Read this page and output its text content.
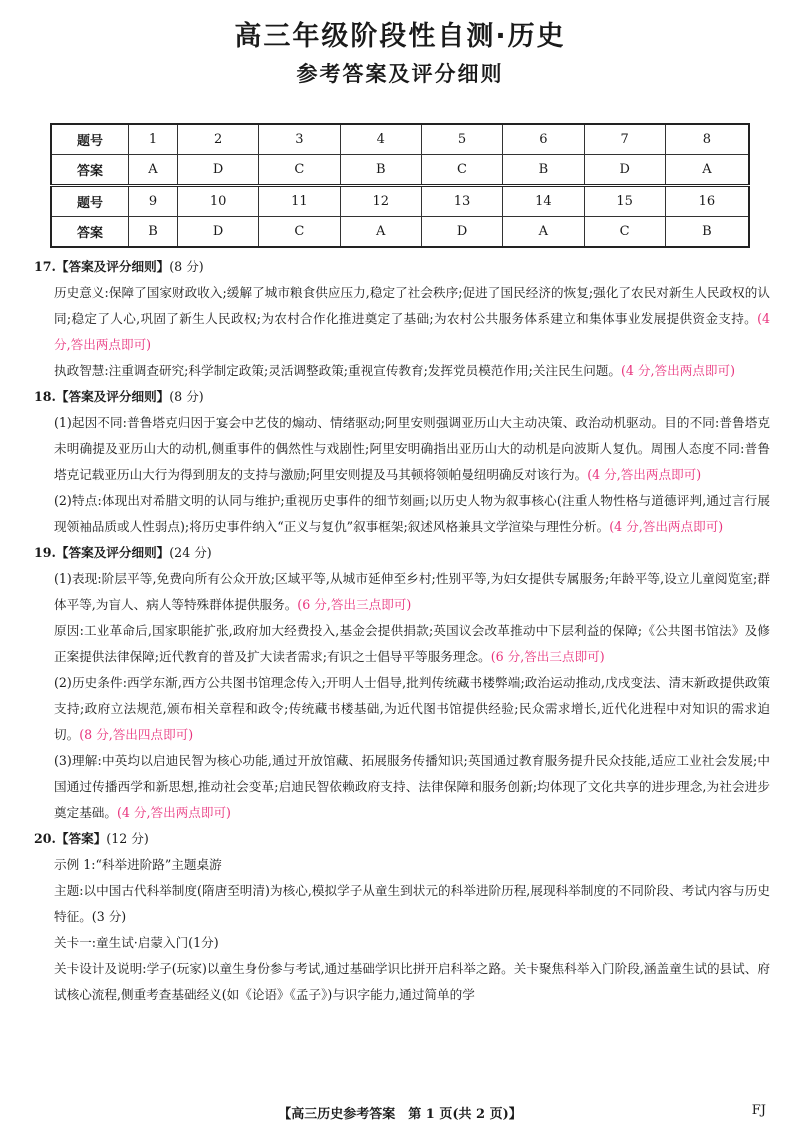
高三年级阶段性自测·历史
参考答案及评分细则
题号	1	2	3	4	5	6	7	8
答案	A	D	C	B	C	B	D	A
题号	9	10	11	12	13	14	15	16
答案	B	D	C	A	D	A	C	B

17.【答案及评分细则】(8 分)

历史意义:保障了国家财政收入;缓解了城市粮食供应压力,稳定了社会秩序;促进了国民经济的恢复;强化了农民对新生人民政权的认同;稳定了人心,巩固了新生人民政权;为农村合作化推进奠定了基础;为农村公共服务体系建立和集体事业发展提供资金支持。(4 分,答出两点即可)

执政智慧:注重调查研究;科学制定政策;灵活调整政策;重视宣传教育;发挥党员模范作用;关注民生问题。(4 分,答出两点即可)

18.【答案及评分细则】(8 分)

(1)起因不同:普鲁塔克归因于宴会中艺伎的煽动、情绪驱动;阿里安则强调亚历山大主动决策、政治动机驱动。目的不同:普鲁塔克未明确提及亚历山大的动机,侧重事件的偶然性与戏剧性;阿里安明确指出亚历山大的动机是向波斯人复仇。周围人态度不同:普鲁塔克记载亚历山大行为得到朋友的支持与激励;阿里安则提及马其顿将领帕曼纽明确反对该行为。(4 分,答出两点即可)

(2)特点:体现出对希腊文明的认同与维护;重视历史事件的细节刻画;以历史人物为叙事核心(注重人物性格与道德评判,通过言行展现领袖品质或人性弱点);将历史事件纳入“正义与复仇”叙事框架;叙述风格兼具文学渲染与理性分析。(4 分,答出两点即可)

19.【答案及评分细则】(24 分)

(1)表现:阶层平等,免费向所有公众开放;区域平等,从城市延伸至乡村;性别平等,为妇女提供专属服务;年龄平等,设立儿童阅览室;群体平等,为盲人、病人等特殊群体提供服务。(6 分,答出三点即可)

原因:工业革命后,国家职能扩张,政府加大经费投入,基金会提供捐款;英国议会改革推动中下层利益的保障;《公共图书馆法》及修正案提供法律保障;近代教育的普及扩大读者需求;有识之士倡导平等服务理念。(6 分,答出三点即可)

(2)历史条件:西学东渐,西方公共图书馆理念传入;开明人士倡导,批判传统藏书楼弊端;政治运动推动,戊戌变法、清末新政提供政策支持;政府立法规范,颁布相关章程和政令;传统藏书楼基础,为近代图书馆提供经验;民众需求增长,近代化进程中对知识的需求迫切。(8 分,答出四点即可)

(3)理解:中英均以启迪民智为核心功能,通过开放馆藏、拓展服务传播知识;英国通过教育服务提升民众技能,适应工业社会发展;中国通过传播西学和新思想,推动社会变革;启迪民智依赖政府支持、法律保障和服务创新;均体现了文化共享的进步理念,为社会进步奠定基础。(4 分,答出两点即可)

20.【答案】(12 分)

示例 1:“科举进阶路”主题桌游

主题:以中国古代科举制度(隋唐至明清)为核心,模拟学子从童生到状元的科举进阶历程,展现科举制度的不同阶段、考试内容与历史特征。(3 分)

关卡一:童生试·启蒙入门(1分)

关卡设计及说明:学子(玩家)以童生身份参与考试,通过基础学识比拼开启科举之路。关卡聚焦科举入门阶段,涵盖童生试的县试、府试核心流程,侧重考查基础经义(如《论语》《孟子》)与识字能力,通过简单的学

【高三历史参考答案　第 1 页(共 2 页)】	FJ
